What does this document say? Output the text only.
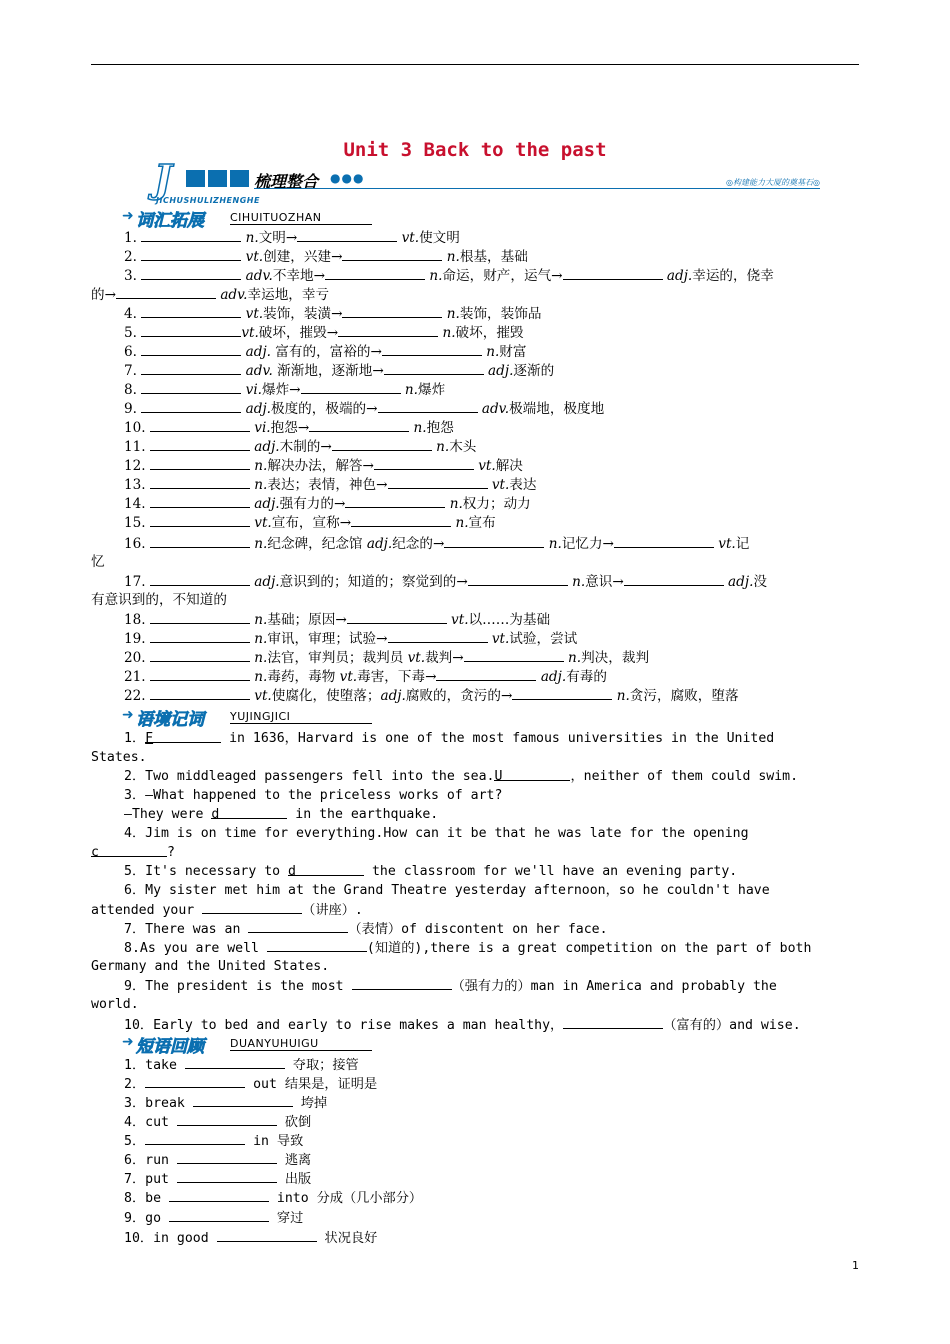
Unit 3 Back to the past
J	梳理整合 ●●●	◎构建能力大厦的奠基石◎
JICHUSHULIZHENGHE
➜ 词汇拓展 CIHUITUOZHAN
1.	n.文明→	vt.使文明
2.	vt.创建，兴建→	n.根基，基础
3.	adv.不幸地→	n.命运，财产，运气→	adj.幸运的，侥幸
的→	adv.幸运地，幸亏
4.	vt.装饰，装潢→	n.装饰，装饰品
5.	vt.破坏，摧毁→	n.破坏，摧毁
6.	adj. 富有的，富裕的→	n.财富
7.	adv. 渐渐地，逐渐地→	adj.逐渐的
8.	vi.爆炸→	n.爆炸
9.	adj.极度的，极端的→	adv.极端地，极度地
10.	vi.抱怨→	n.抱怨
11.	adj.木制的→	n.木头
12.	n.解决办法，解答→	vt.解决
13.	n.表达；表情，神色→	vt.表达
14.	adj.强有力的→	n.权力；动力
15.	vt.宣布，宣称→	n.宣布
16.	n.纪念碑，纪念馆 adj.纪念的→	n.记忆力→	vt.记
忆
17.	adj.意识到的；知道的；察觉到的→	n.意识→	adj.没
有意识到的，不知道的
18.	n.基础；原因→	vt.以……为基础
19.	n.审讯，审理；试验→	vt.试验，尝试
20.	n.法官，审判员；裁判员 vt.裁判→	n.判决，裁判
21.	n.毒药，毒物 vt.毒害，下毒→	adj.有毒的
22.	vt.使腐化，使堕落；adj.腐败的，贪污的→	n.贪污，腐败，堕落
➜ 语境记词 YUJINGJICI
1．F	in 1636，Harvard is one of the most famous universities in the United
States.
2．Two middleaged passengers fell into the sea.U	，neither of them could swim.
3．—What happened to the priceless works of art?
—They were d	in the earthquake.
4．Jim is on time for everything.How can it be that he was late for the opening
c	?
5．It's necessary to d	the classroom for we'll have an evening party.
6．My sister met him at the Grand Theatre yesterday afternoon，so he couldn't have
attended your	（讲座）.
7．There was an	（表情）of discontent on her face.
8.As you are well	(知道的),there is a great competition on the part of both
Germany and the United States.
9．The president is the most	（强有力的）man in America and probably the
world.
10．Early to bed and early to rise makes a man healthy，	（富有的）and wise.
➜ 短语回顾 DUANYUHUIGU
1．take	夺取；接管
2．	out 结果是，证明是
3．break	垮掉
4．cut	砍倒
5．	in 导致
6．run	逃离
7．put	出版
8．be	into 分成（几小部分）
9．go	穿过
10．in good	状况良好
1
